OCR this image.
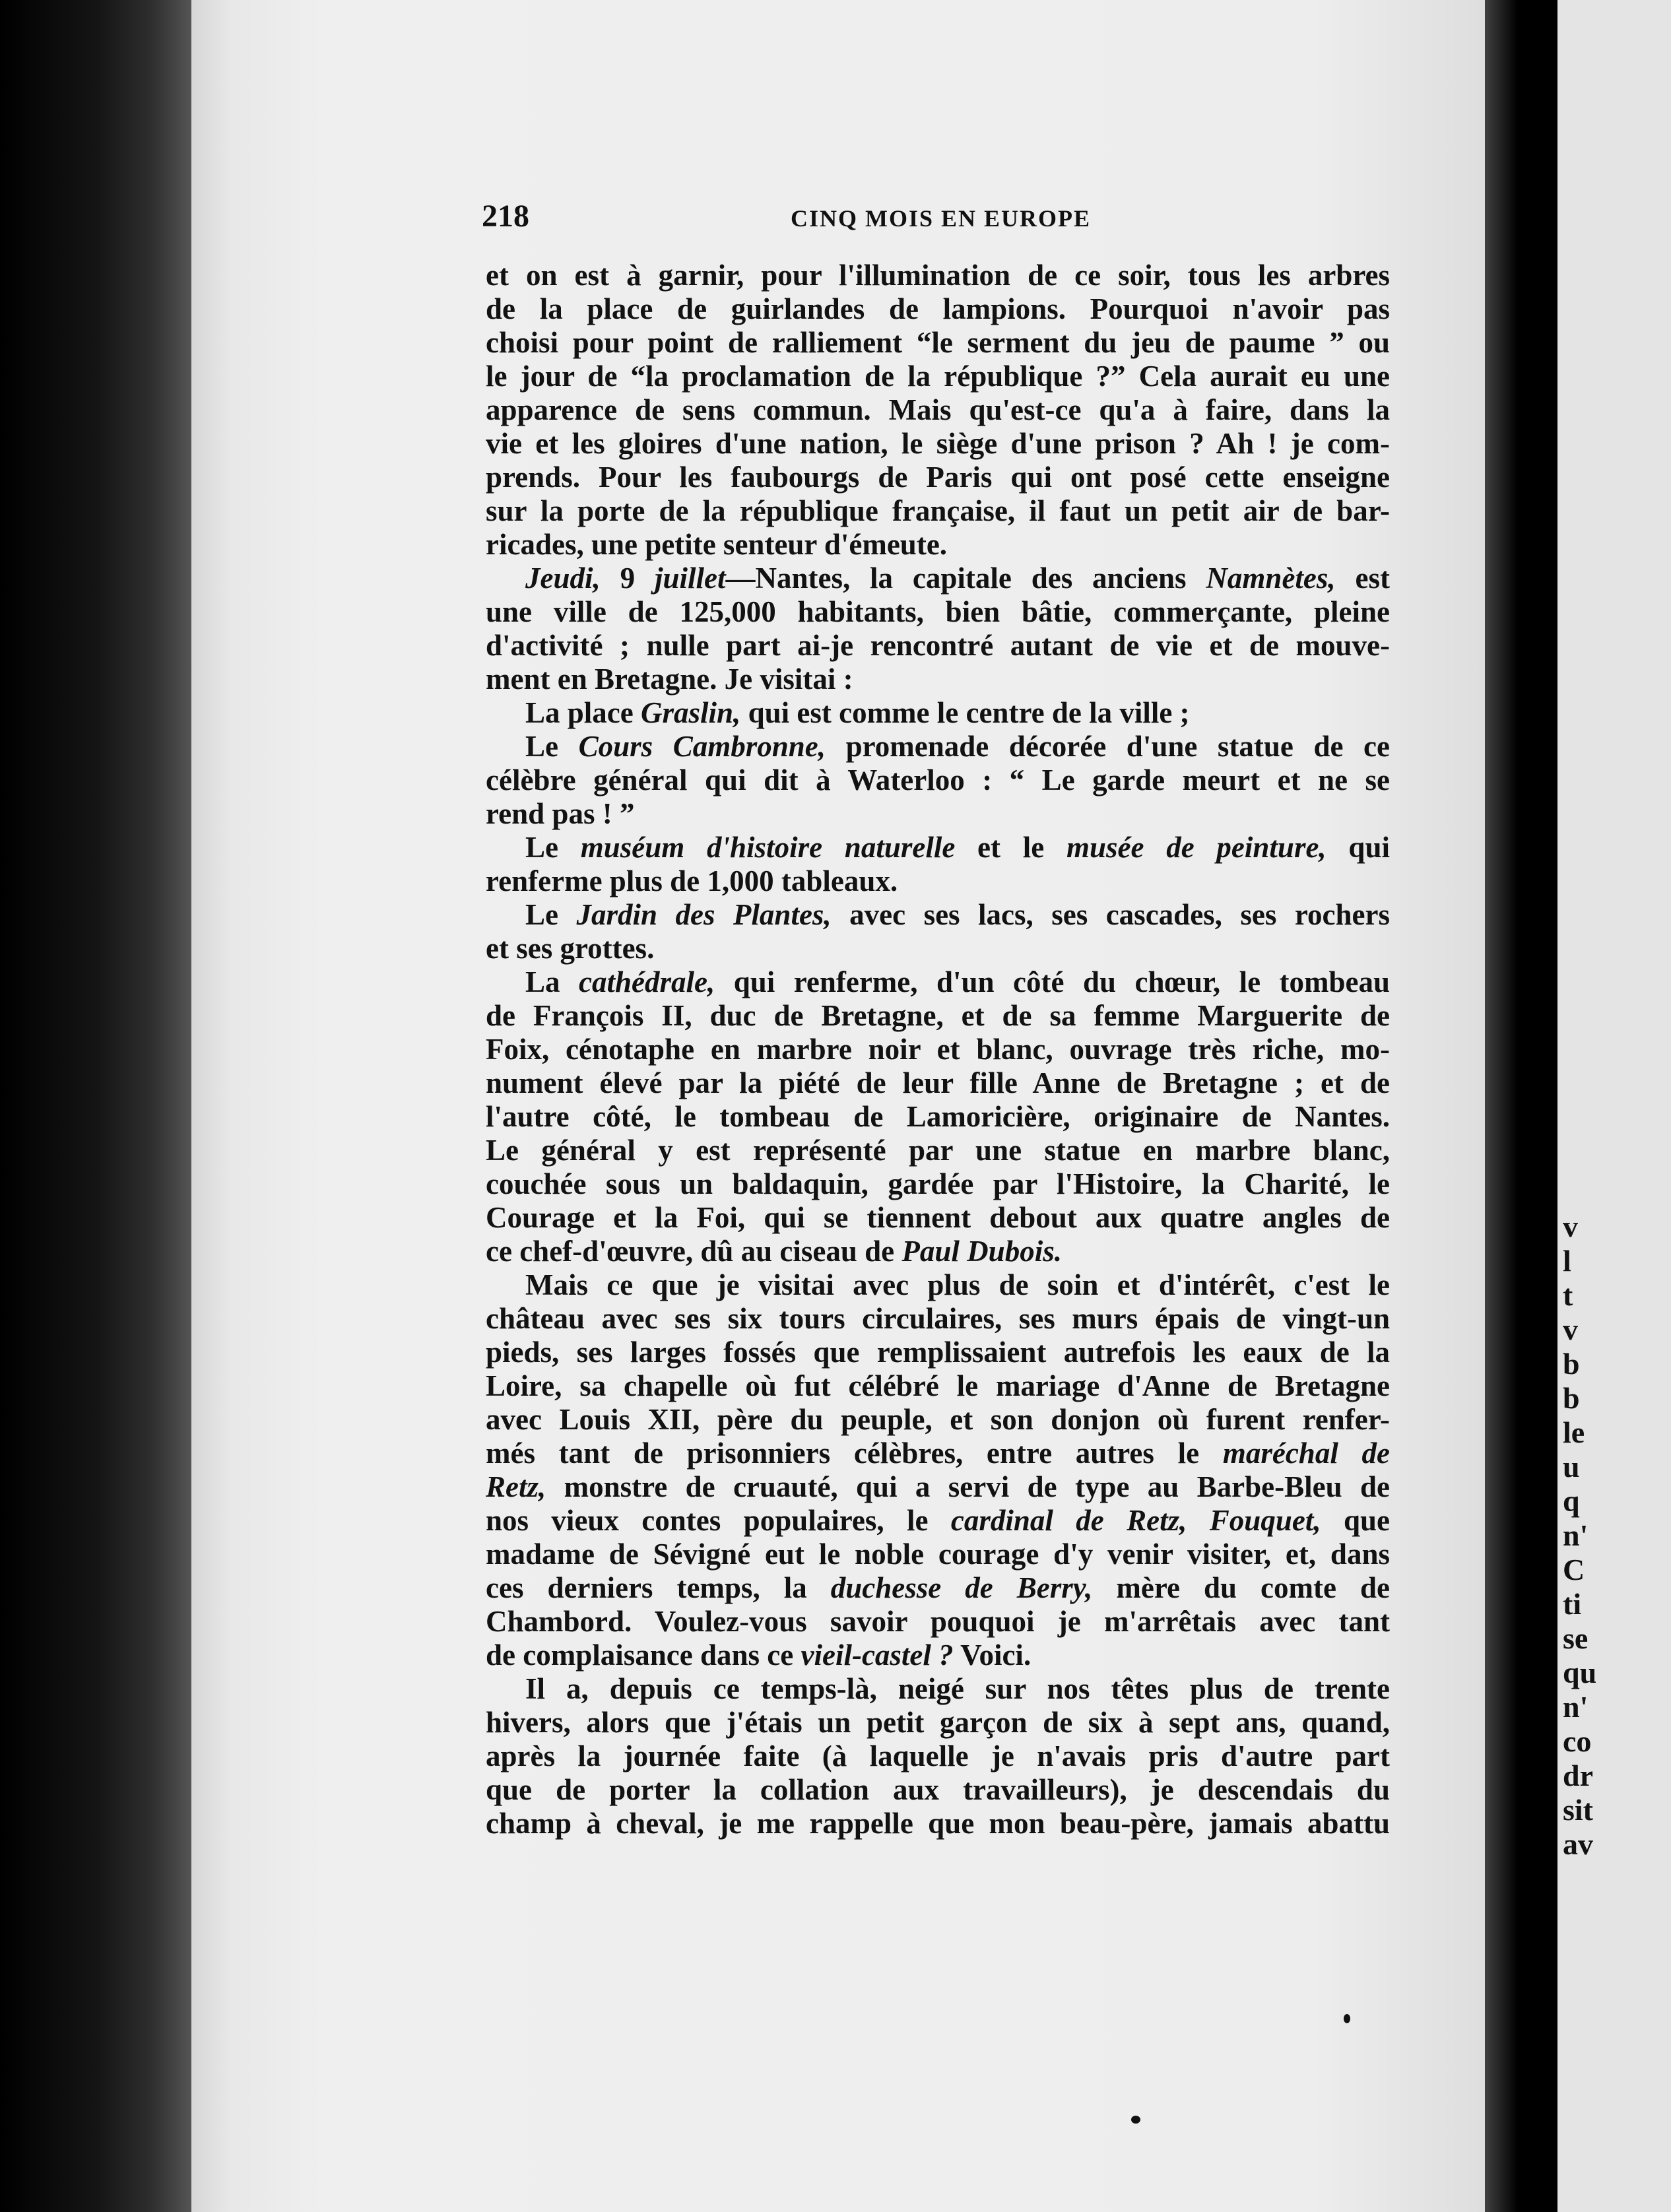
v
l
t
v
b
b
le
u
q
n'
C
ti
se
qu
n'
co
dr
sit
av
218	CINQ MOIS EN EUROPE
et on est à garnir, pour l'illumination de ce soir, tous les arbres
de la place de guirlandes de lampions. Pourquoi n'avoir pas
choisi pour point de ralliement “le serment du jeu de paume ” ou
le jour de “la proclamation de la république ?” Cela aurait eu une
apparence de sens commun. Mais qu'est-ce qu'a à faire, dans la
vie et les gloires d'une nation, le siège d'une prison ? Ah ! je com-
prends. Pour les faubourgs de Paris qui ont posé cette enseigne
sur la porte de la république française, il faut un petit air de bar-
ricades, une petite senteur d'émeute.
Jeudi, 9 juillet—Nantes, la capitale des anciens Namnètes, est
une ville de 125,000 habitants, bien bâtie, commerçante, pleine
d'activité ; nulle part ai-je rencontré autant de vie et de mouve-
ment en Bretagne. Je visitai :
La place Graslin, qui est comme le centre de la ville ;
Le Cours Cambronne, promenade décorée d'une statue de ce
célèbre général qui dit à Waterloo : “ Le garde meurt et ne se
rend pas ! ”
Le muséum d'histoire naturelle et le musée de peinture, qui
renferme plus de 1,000 tableaux.
Le Jardin des Plantes, avec ses lacs, ses cascades, ses rochers
et ses grottes.
La cathédrale, qui renferme, d'un côté du chœur, le tombeau
de François II, duc de Bretagne, et de sa femme Marguerite de
Foix, cénotaphe en marbre noir et blanc, ouvrage très riche, mo-
nument élevé par la piété de leur fille Anne de Bretagne ; et de
l'autre côté, le tombeau de Lamoricière, originaire de Nantes.
Le général y est représenté par une statue en marbre blanc,
couchée sous un baldaquin, gardée par l'Histoire, la Charité, le
Courage et la Foi, qui se tiennent debout aux quatre angles de
ce chef-d'œuvre, dû au ciseau de Paul Dubois.
Mais ce que je visitai avec plus de soin et d'intérêt, c'est le
château avec ses six tours circulaires, ses murs épais de vingt-un
pieds, ses larges fossés que remplissaient autrefois les eaux de la
Loire, sa chapelle où fut célébré le mariage d'Anne de Bretagne
avec Louis XII, père du peuple, et son donjon où furent renfer-
més tant de prisonniers célèbres, entre autres le maréchal de
Retz, monstre de cruauté, qui a servi de type au Barbe-Bleu de
nos vieux contes populaires, le cardinal de Retz, Fouquet, que
madame de Sévigné eut le noble courage d'y venir visiter, et, dans
ces derniers temps, la duchesse de Berry, mère du comte de
Chambord. Voulez-vous savoir pouquoi je m'arrêtais avec tant
de complaisance dans ce vieil-castel ? Voici.
Il a, depuis ce temps-là, neigé sur nos têtes plus de trente
hivers, alors que j'étais un petit garçon de six à sept ans, quand,
après la journée faite (à laquelle je n'avais pris d'autre part
que de porter la collation aux travailleurs), je descendais du
champ à cheval, je me rappelle que mon beau-père, jamais abattu
